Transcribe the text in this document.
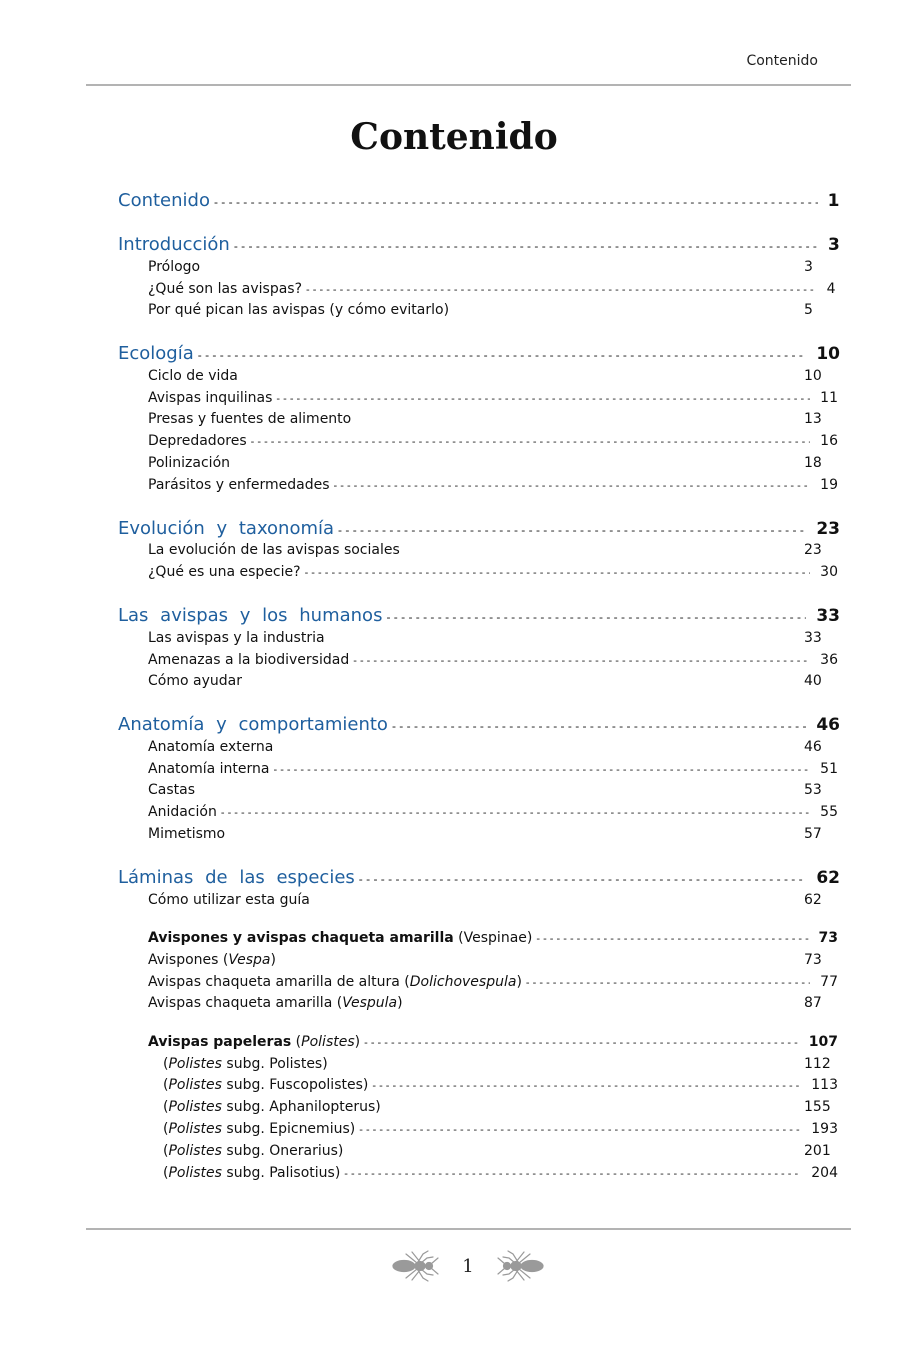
Contenido
Contenido
Contenido - - -	1
Introducción - - -	3
Prólogo	3
¿Qué son las avispas? - - -	4
Por qué pican las avispas (y cómo evitarlo)	5
Ecología - - -	10
Ciclo de vida	10
Avispas inquilinas - - -	11
Presas y fuentes de alimento	13
Depredadores - - -	16
Polinización	18
Parásitos y enfermedades - - -	19
Evolución y taxonomía - - -	23
La evolución de las avispas sociales	23
¿Qué es una especie? - - -	30
Las avispas y los humanos - - -	33
Las avispas y la industria	33
Amenazas a la biodiversidad - - -	36
Cómo ayudar	40
Anatomía y comportamiento - - -	46
Anatomía externa	46
Anatomía interna - - -	51
Castas	53
Anidación - - -	55
Mimetismo	57
Láminas de las especies - - -	62
Cómo utilizar esta guía	62
Avispones y avispas chaqueta amarilla (Vespinae) - - -	73
Avispones (Vespa)	73
Avispas chaqueta amarilla de altura (Dolichovespula) - - -	77
Avispas chaqueta amarilla (Vespula)	87
Avispas papeleras (Polistes) - - -	107
(Polistes subg. Polistes)	112
(Polistes subg. Fuscopolistes) - - -	113
(Polistes subg. Aphanilopterus)	155
(Polistes subg. Epicnemius) - - -	193
(Polistes subg. Onerarius)	201
(Polistes subg. Palisotius) - - -	204
1
